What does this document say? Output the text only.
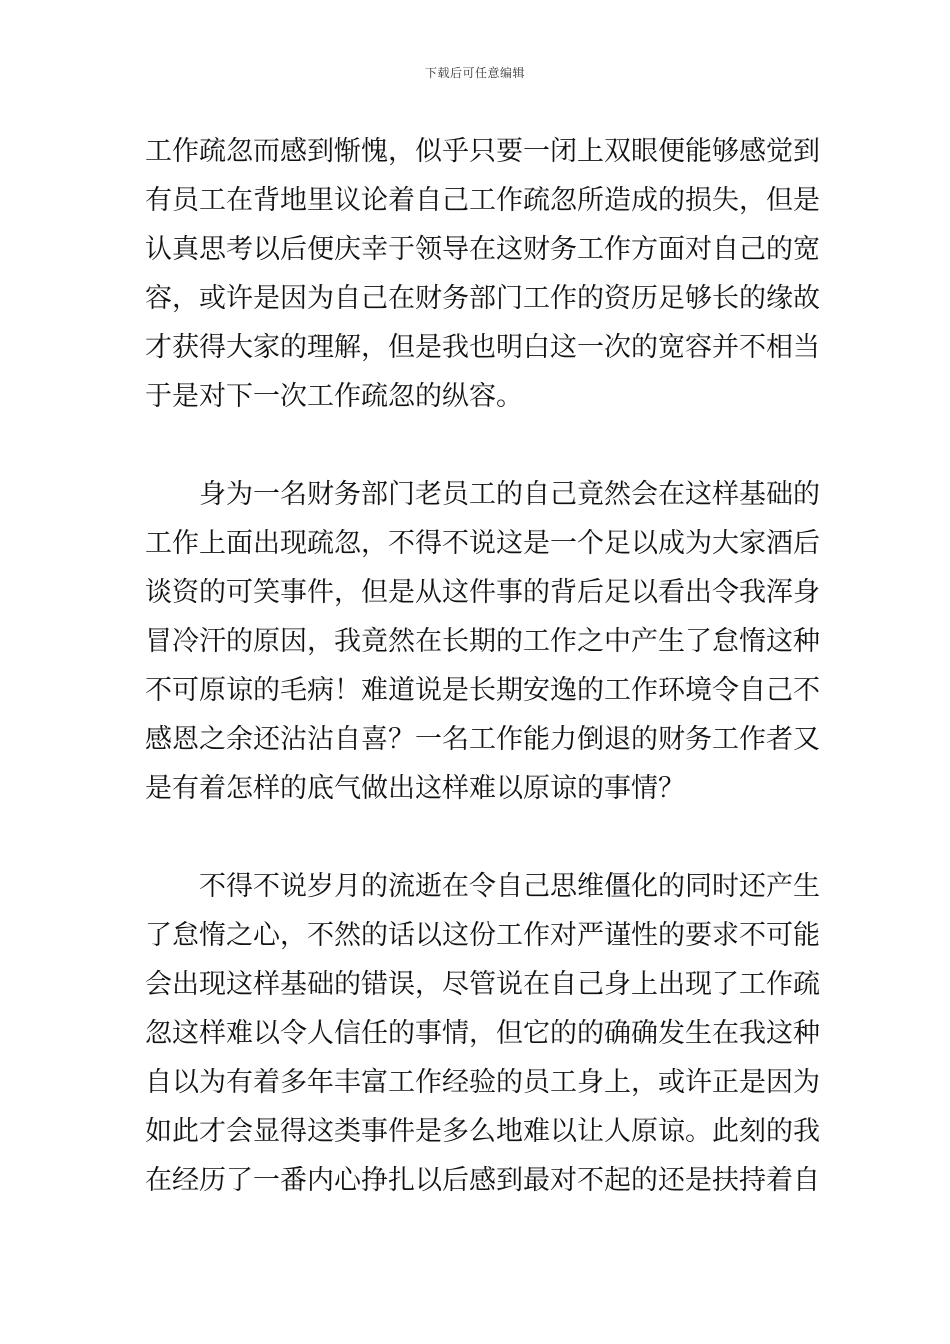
下载后可任意编辑
工作疏忽而感到惭愧，似乎只要一闭上双眼便能够感觉到
有员工在背地里议论着自己工作疏忽所造成的损失，但是
认真思考以后便庆幸于领导在这财务工作方面对自己的宽
容，或许是因为自己在财务部门工作的资历足够长的缘故
才获得大家的理解，但是我也明白这一次的宽容并不相当
于是对下一次工作疏忽的纵容。
身为一名财务部门老员工的自己竟然会在这样基础的
工作上面出现疏忽，不得不说这是一个足以成为大家酒后
谈资的可笑事件，但是从这件事的背后足以看出令我浑身
冒冷汗的原因，我竟然在长期的工作之中产生了怠惰这种
不可原谅的毛病！难道说是长期安逸的工作环境令自己不
感恩之余还沾沾自喜？一名工作能力倒退的财务工作者又
是有着怎样的底气做出这样难以原谅的事情？
不得不说岁月的流逝在令自己思维僵化的同时还产生
了怠惰之心，不然的话以这份工作对严谨性的要求不可能
会出现这样基础的错误，尽管说在自己身上出现了工作疏
忽这样难以令人信任的事情，但它的的确确发生在我这种
自以为有着多年丰富工作经验的员工身上，或许正是因为
如此才会显得这类事件是多么地难以让人原谅。此刻的我
在经历了一番内心挣扎以后感到最对不起的还是扶持着自
